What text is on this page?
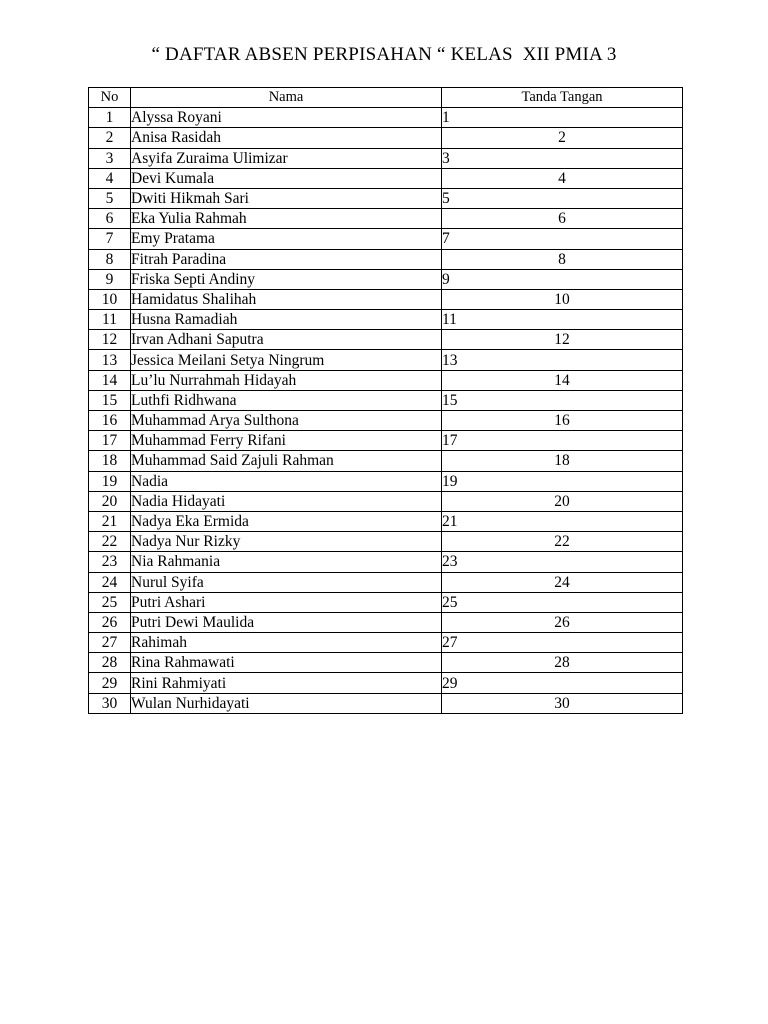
“ DAFTAR ABSEN PERPISAHAN “ KELAS  XII PMIA 3
No	Nama	Tanda Tangan
1	Alyssa Royani	1
2	Anisa Rasidah	2
3	Asyifa Zuraima Ulimizar	3
4	Devi Kumala	4
5	Dwiti Hikmah Sari	5
6	Eka Yulia Rahmah	6
7	Emy Pratama	7
8	Fitrah Paradina	8
9	Friska Septi Andiny	9
10	Hamidatus Shalihah	10
11	Husna Ramadiah	11
12	Irvan Adhani Saputra	12
13	Jessica Meilani Setya Ningrum	13
14	Lu’lu Nurrahmah Hidayah	14
15	Luthfi Ridhwana	15
16	Muhammad Arya Sulthona	16
17	Muhammad Ferry Rifani	17
18	Muhammad Said Zajuli Rahman	18
19	Nadia	19
20	Nadia Hidayati	20
21	Nadya Eka Ermida	21
22	Nadya Nur Rizky	22
23	Nia Rahmania	23
24	Nurul Syifa	24
25	Putri Ashari	25
26	Putri Dewi Maulida	26
27	Rahimah	27
28	Rina Rahmawati	28
29	Rini Rahmiyati	29
30	Wulan Nurhidayati	30
